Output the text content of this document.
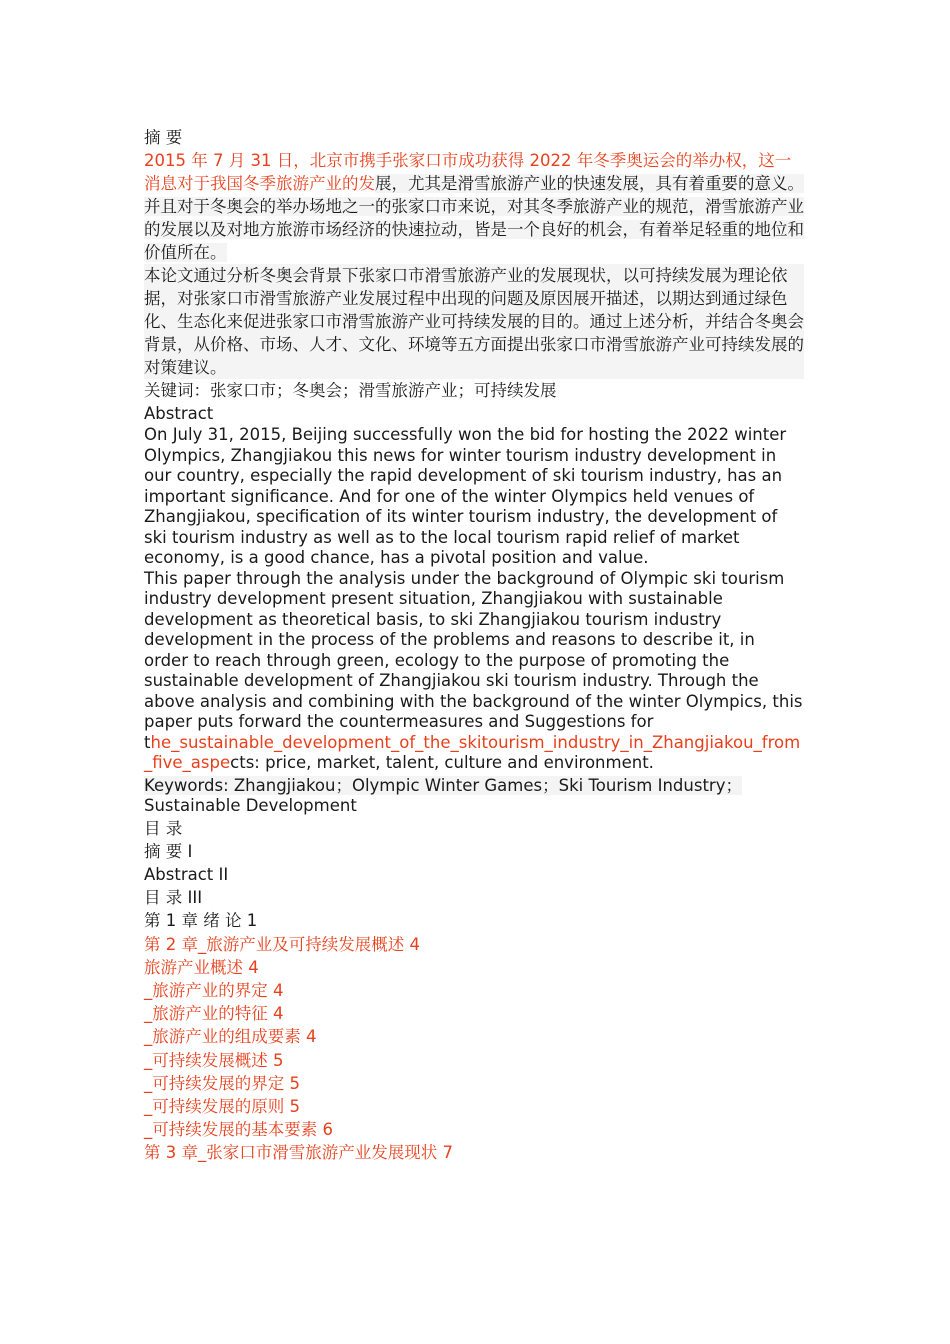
摘 要

2015 年 7 月 31 日，北京市携手张家口市成功获得 2022 年冬季奥运会的举办权，这一消息对于我国冬季旅游产业的发展，尤其是滑雪旅游产业的快速发展，具有着重要的意义。并且对于冬奥会的举办场地之一的张家口市来说，对其冬季旅游产业的规范，滑雪旅游产业的发展以及对地方旅游市场经济的快速拉动，皆是一个良好的机会，有着举足轻重的地位和价值所在。

本论文通过分析冬奥会背景下张家口市滑雪旅游产业的发展现状，以可持续发展为理论依据，对张家口市滑雪旅游产业发展过程中出现的问题及原因展开描述，以期达到通过绿色化、生态化来促进张家口市滑雪旅游产业可持续发展的目的。通过上述分析，并结合冬奥会背景，从价格、市场、人才、文化、环境等五方面提出张家口市滑雪旅游产业可持续发展的对策建议。

关键词：张家口市；冬奥会；滑雪旅游产业；可持续发展

Abstract

On July 31, 2015, Beijing successfully won the bid for hosting the 2022 winter Olympics, Zhangjiakou this news for winter tourism industry development in our country, especially the rapid development of ski tourism industry, has an important significance. And for one of the winter Olympics held venues of Zhangjiakou, specification of its winter tourism industry, the development of ski tourism industry as well as to the local tourism rapid relief of market economy, is a good chance, has a pivotal position and value.

This paper through the analysis under the background of Olympic ski tourism industry development present situation, Zhangjiakou with sustainable development as theoretical basis, to ski Zhangjiakou tourism industry development in the process of the problems and reasons to describe it, in order to reach through green, ecology to the purpose of promoting the sustainable development of Zhangjiakou ski tourism industry. Through the above analysis and combining with the background of the winter Olympics, this paper puts forward the countermeasures and Suggestions for
the_sustainable_development_of_the_skitourism_industry_in_Zhangjiakou_from_five_aspects: price, market, talent, culture and environment.

Keywords: Zhangjiakou；Olympic Winter Games；Ski Tourism Industry；
Sustainable Development

目 录

摘 要 I

Abstract II

目 录 III

第 1 章 绪 论 1

第 2 章_旅游产业及可持续发展概述 4

旅游产业概述 4

_旅游产业的界定 4

_旅游产业的特征 4

_旅游产业的组成要素 4

_可持续发展概述 5

_可持续发展的界定 5

_可持续发展的原则 5

_可持续发展的基本要素 6

第 3 章_张家口市滑雪旅游产业发展现状 7
